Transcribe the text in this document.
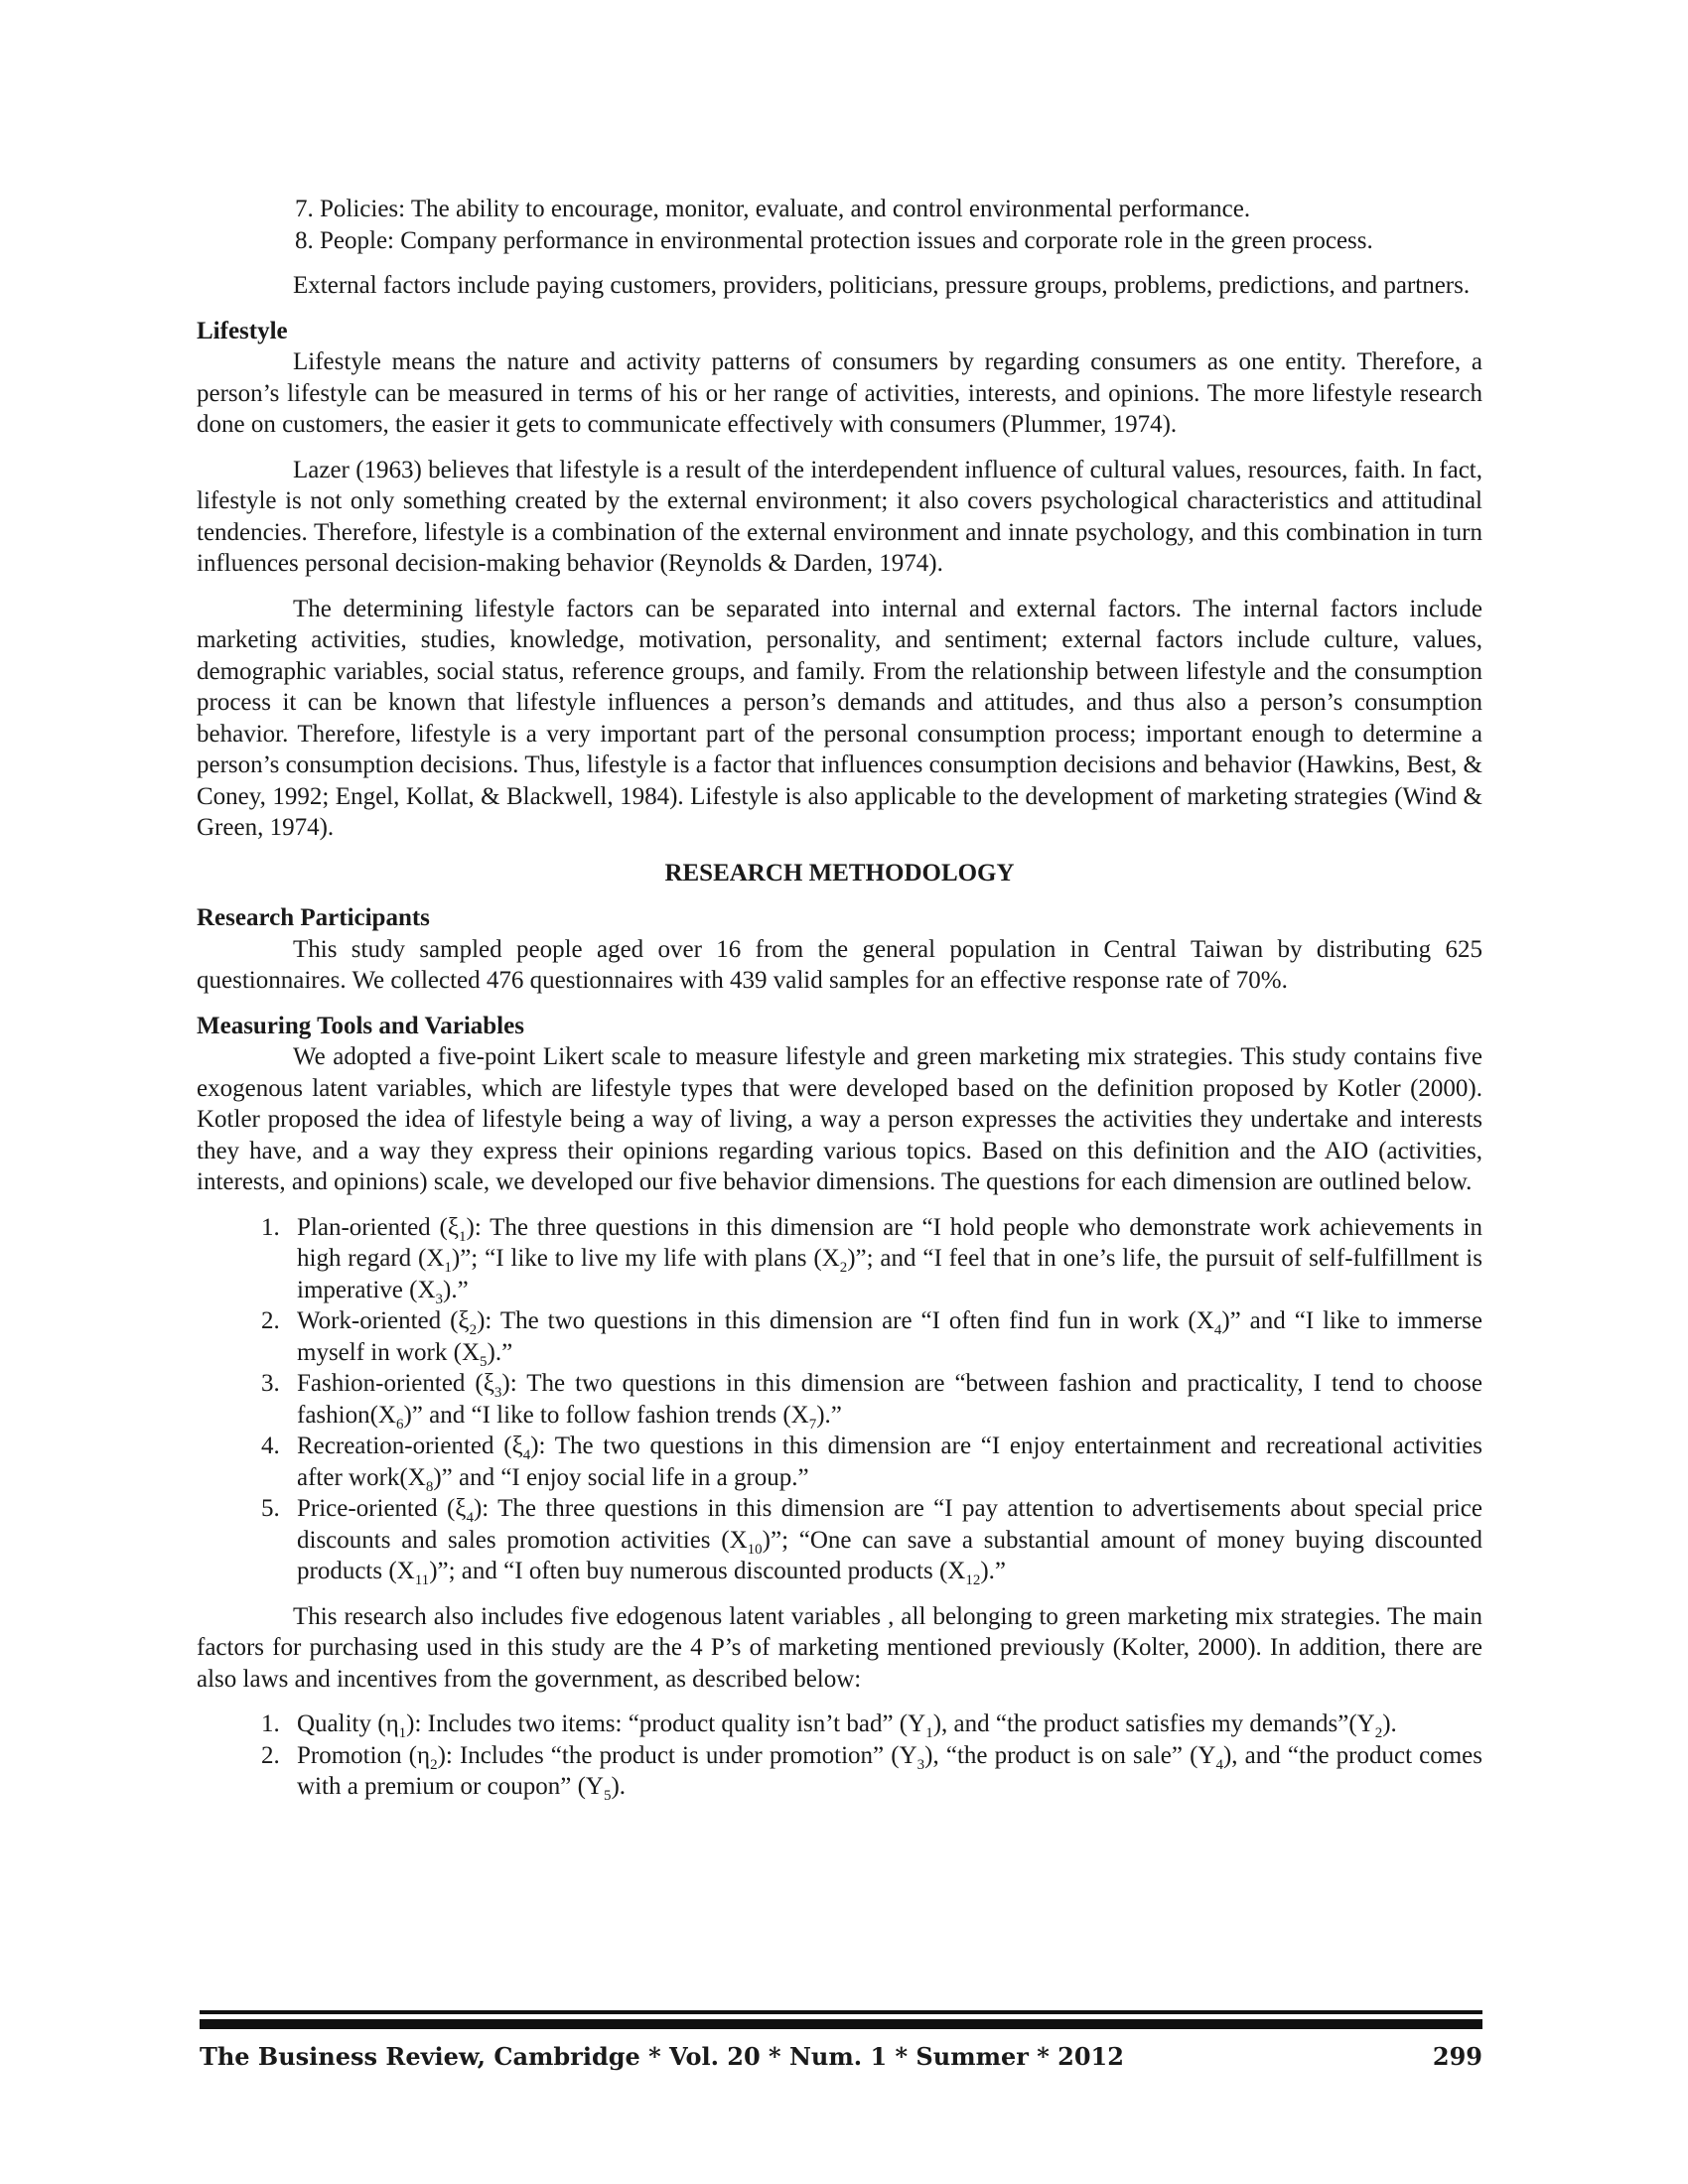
7. Policies: The ability to encourage, monitor, evaluate, and control environmental performance.

8. People: Company performance in environmental protection issues and corporate role in the green process.

External factors include paying customers, providers, politicians, pressure groups, problems, predictions, and partners.

Lifestyle

Lifestyle means the nature and activity patterns of consumers by regarding consumers as one entity. Therefore, a person’s lifestyle can be measured in terms of his or her range of activities, interests, and opinions. The more lifestyle research done on customers, the easier it gets to communicate effectively with consumers (Plummer, 1974).

Lazer (1963) believes that lifestyle is a result of the interdependent influence of cultural values, resources, faith. In fact, lifestyle is not only something created by the external environment; it also covers psychological characteristics and attitudinal tendencies. Therefore, lifestyle is a combination of the external environment and innate psychology, and this combination in turn influences personal decision-making behavior (Reynolds & Darden, 1974).

The determining lifestyle factors can be separated into internal and external factors. The internal factors include marketing activities, studies, knowledge, motivation, personality, and sentiment; external factors include culture, values, demographic variables, social status, reference groups, and family. From the relationship between lifestyle and the consumption process it can be known that lifestyle influences a person’s demands and attitudes, and thus also a person’s consumption behavior. Therefore, lifestyle is a very important part of the personal consumption process; important enough to determine a person’s consumption decisions. Thus, lifestyle is a factor that influences consumption decisions and behavior (Hawkins, Best, & Coney, 1992; Engel, Kollat, & Blackwell, 1984). Lifestyle is also applicable to the development of marketing strategies (Wind & Green, 1974).

RESEARCH METHODOLOGY

Research Participants

This study sampled people aged over 16 from the general population in Central Taiwan by distributing 625 questionnaires. We collected 476 questionnaires with 439 valid samples for an effective response rate of 70%.

Measuring Tools and Variables

We adopted a five-point Likert scale to measure lifestyle and green marketing mix strategies. This study contains five exogenous latent variables, which are lifestyle types that were developed based on the definition proposed by Kotler (2000). Kotler proposed the idea of lifestyle being a way of living, a way a person expresses the activities they undertake and interests they have, and a way they express their opinions regarding various topics. Based on this definition and the AIO (activities, interests, and opinions) scale, we developed our five behavior dimensions. The questions for each dimension are outlined below.

1. Plan-oriented $(\xi_1)$: The three questions in this dimension are “I hold people who demonstrate work achievements in high regard $(X_1)$”; “I like to live my life with plans $(X_2)$”; and “I feel that in one’s life, the pursuit of self-fulfillment is imperative $(X_3)$.”

2. Work-oriented $(\xi_2)$: The two questions in this dimension are “I often find fun in work $(X_4)$” and “I like to immerse myself in work $(X_5)$.”

3. Fashion-oriented $(\xi_3)$: The two questions in this dimension are “between fashion and practicality, I tend to choose $fashion(X_6)$” and “I like to follow fashion trends $(X_7)$.”

4. Recreation-oriented $(\xi_4)$: The two questions in this dimension are “I enjoy entertainment and recreational activities after $work(X_8)$” and “I enjoy social life in a group.”

5. Price-oriented $(\xi_4)$: The three questions in this dimension are “I pay attention to advertisements about special price discounts and sales promotion activities $(X_{10})$”; “One can save a substantial amount of money buying discounted products $(X_{11})$”; and “I often buy numerous discounted products $(X_{12})$.”

This research also includes five edogenous latent variables , all belonging to green marketing mix strategies. The main factors for purchasing used in this study are the 4 P’s of marketing mentioned previously (Kolter, 2000). In addition, there are also laws and incentives from the government, as described below:

1. Quality $(\eta_1)$: Includes two items: “product quality isn’t bad” $(Y_1)$, and “the product satisfies my $demands”(Y_2)$.

2. Promotion $(\eta_2)$: Includes “the product is under promotion” $(Y_3)$, “the product is on sale” $(Y_4)$, and “the product comes with a premium or coupon” $(Y_5)$.

The Business Review, Cambridge * Vol. 20 * Num. 1 * Summer * 2012	299
